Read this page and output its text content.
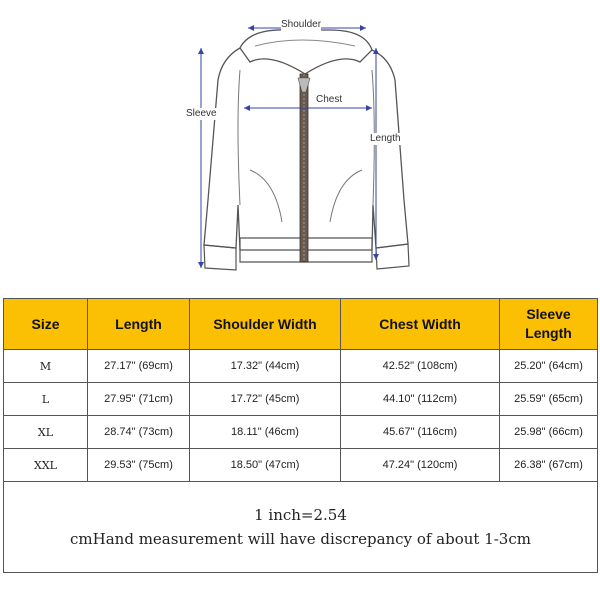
Shoulder
Chest
Sleeve
Length
Size	Length	Shoulder Width	Chest Width	Sleeve Length
M	27.17" (69cm)	17.32" (44cm)	42.52" (108cm)	25.20" (64cm)
L	27.95" (71cm)	17.72" (45cm)	44.10" (112cm)	25.59" (65cm)
XL	28.74" (73cm)	18.11" (46cm)	45.67" (116cm)	25.98" (66cm)
XXL	29.53" (75cm)	18.50" (47cm)	47.24" (120cm)	26.38" (67cm)

1 inch=2.54
cmHand measurement will have discrepancy of about 1-3cm				
